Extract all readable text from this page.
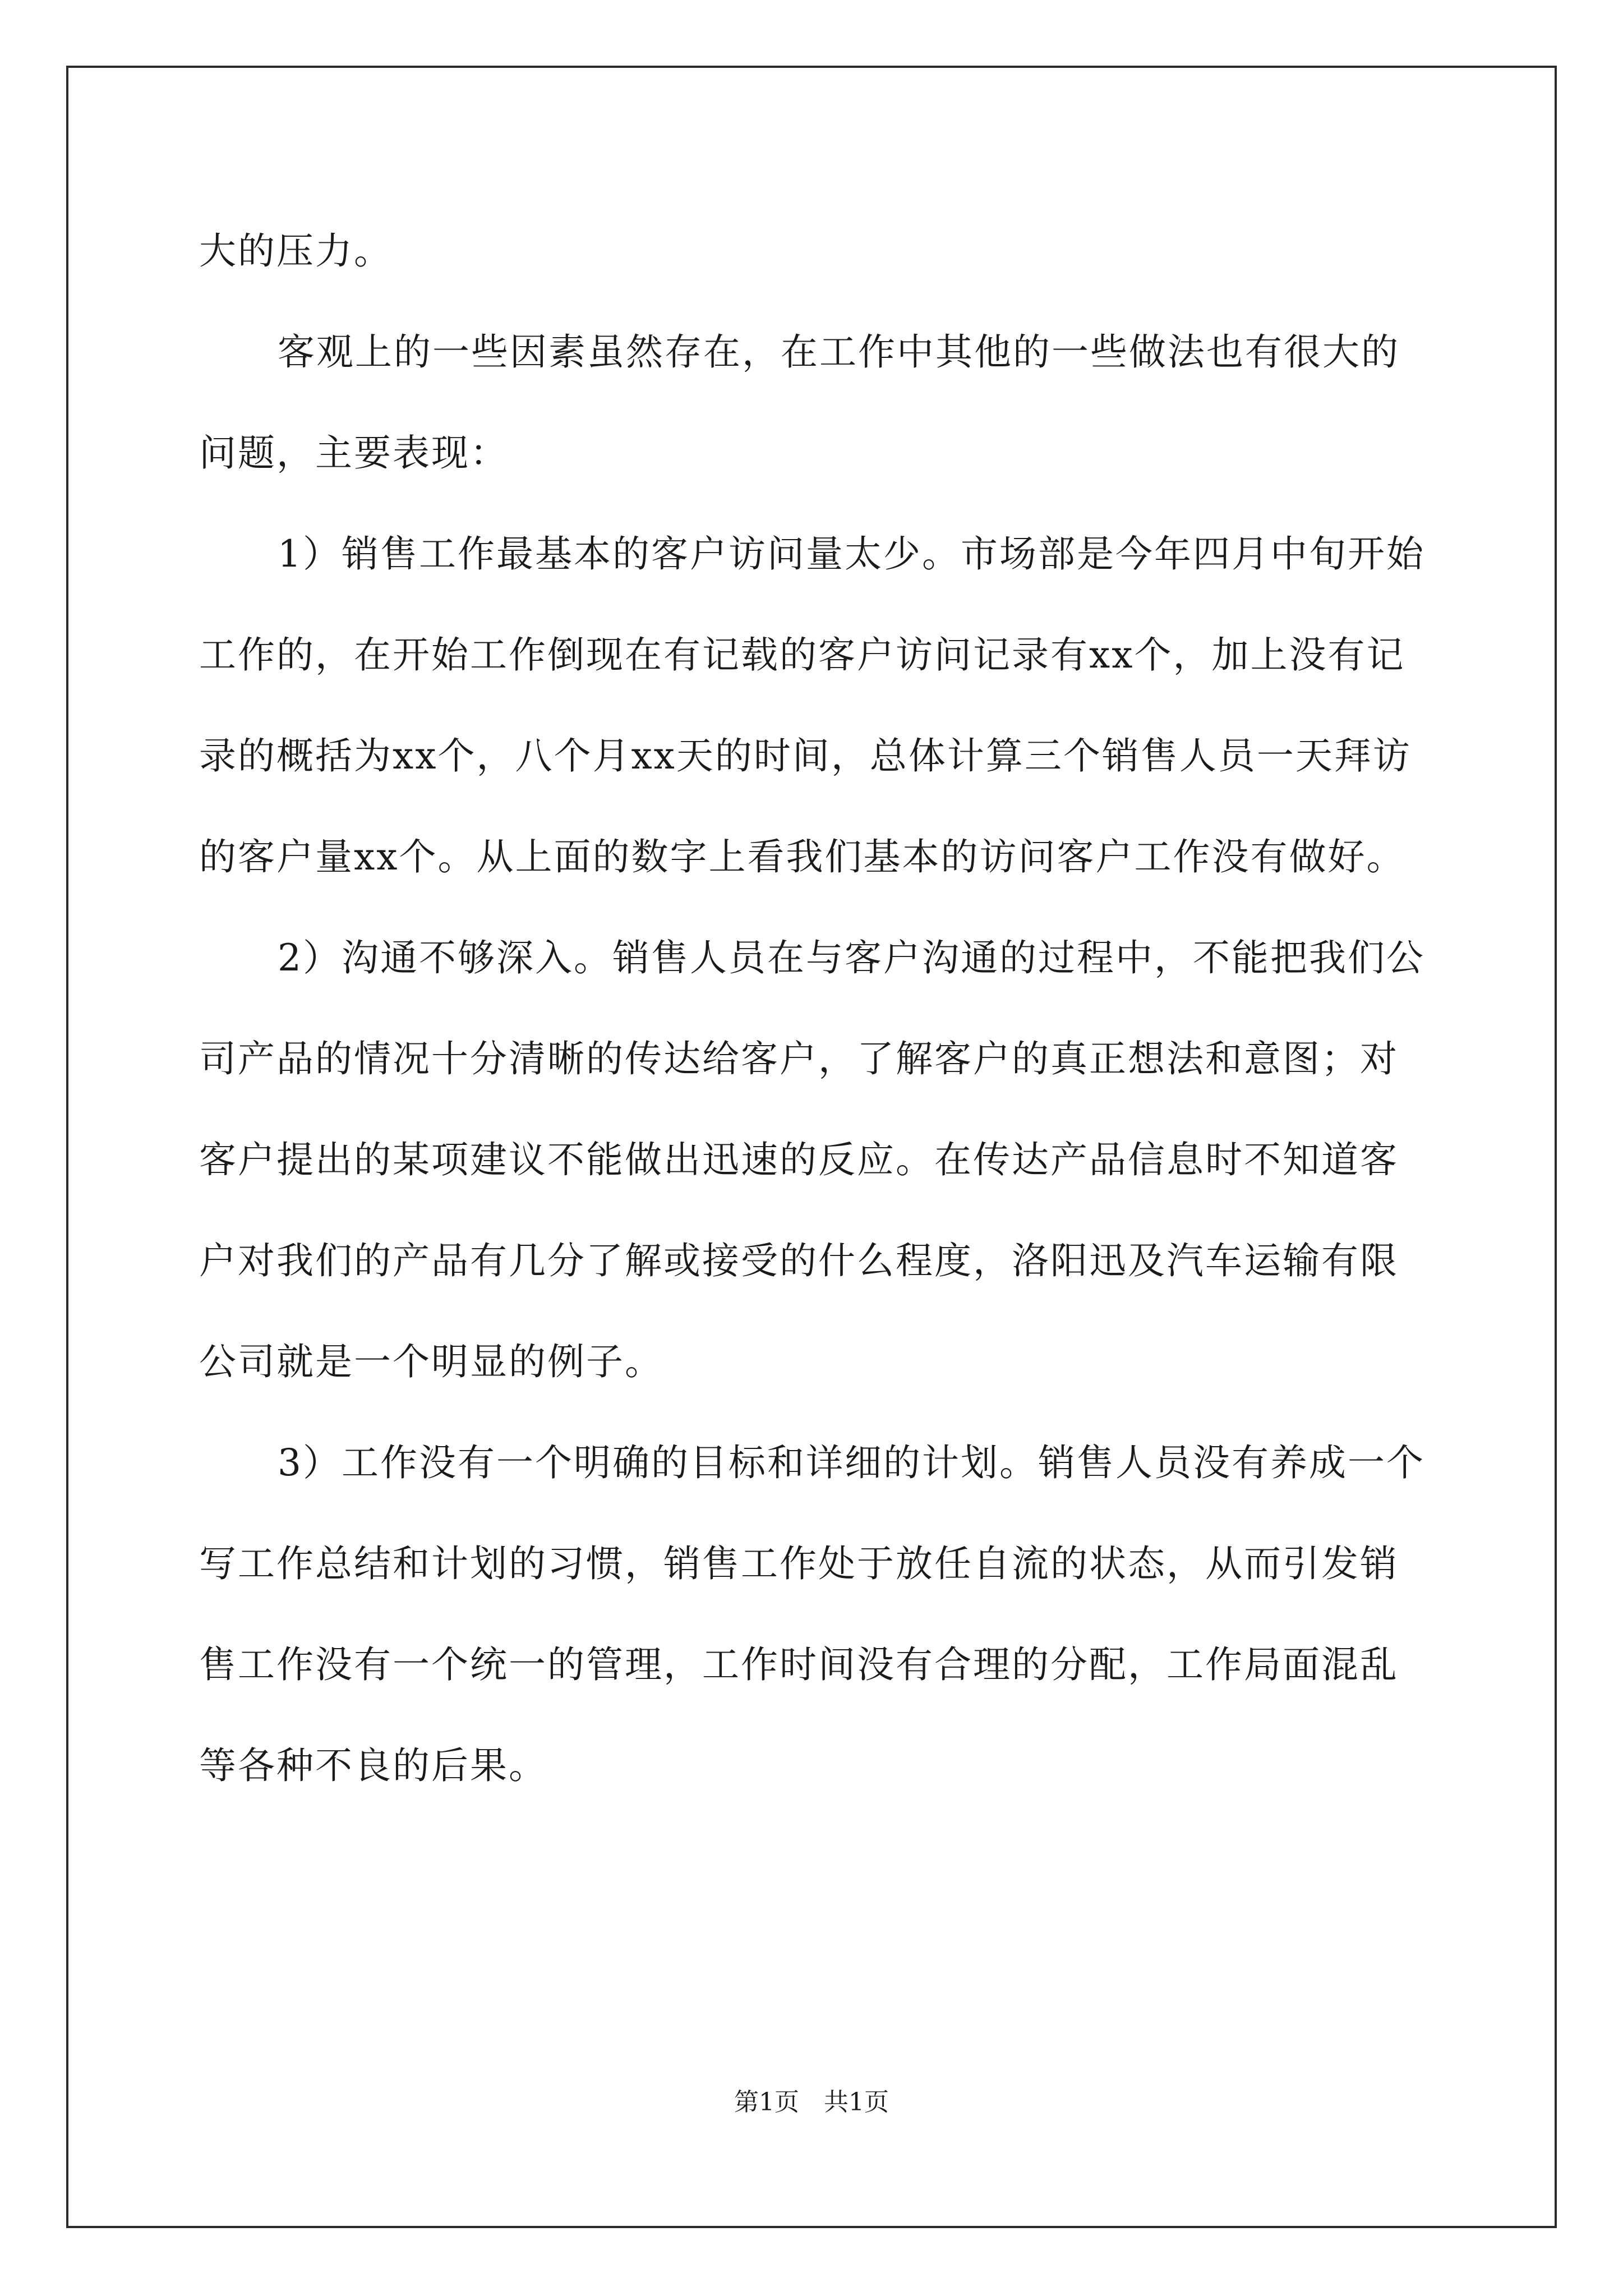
大的压力。

客观上的一些因素虽然存在，在工作中其他的一些做法也有很大的问题，主要表现：

1）销售工作最基本的客户访问量太少。市场部是今年四月中旬开始工作的，在开始工作倒现在有记载的客户访问记录有xx个，加上没有记录的概括为xx个，八个月xx天的时间，总体计算三个销售人员一天拜访的客户量xx个。从上面的数字上看我们基本的访问客户工作没有做好。

2）沟通不够深入。销售人员在与客户沟通的过程中，不能把我们公司产品的情况十分清晰的传达给客户，了解客户的真正想法和意图；对客户提出的某项建议不能做出迅速的反应。在传达产品信息时不知道客户对我们的产品有几分了解或接受的什么程度，洛阳迅及汽车运输有限公司就是一个明显的例子。

3）工作没有一个明确的目标和详细的计划。销售人员没有养成一个写工作总结和计划的习惯，销售工作处于放任自流的状态，从而引发销售工作没有一个统一的管理，工作时间没有合理的分配，工作局面混乱等各种不良的后果。

第1页 共1页
